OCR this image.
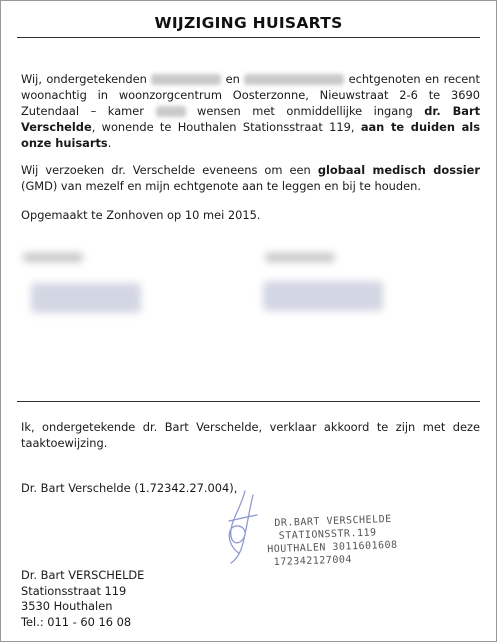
WIJZIGING HUISARTS
Wij, ondergetekenden	en	echtgenoten en recent woonachtig in woonzorgcentrum Oosterzonne, Nieuwstraat 2-6 te 3690 Zutendaal – kamer	wensen met onmiddellijke ingang dr. Bart Verschelde, wonende te Houthalen Stationsstraat 119, aan te duiden als onze huisarts.
Wij verzoeken dr. Verschelde eveneens om een globaal medisch dossier (GMD) van mezelf en mijn echtgenote aan te leggen en bij te houden.
Opgemaakt te Zonhoven op 10 mei 2015.
Ik, ondergetekende dr. Bart Verschelde, verklaar akkoord te zijn met deze taaktoewijzing.
Dr. Bart Verschelde (1.72342.27.004),
DR.BART VERSCHELDE
STATIONSSTR.119
HOUTHALEN 3011601608
172342127004
Dr. Bart VERSCHELDE
Stationsstraat 119
3530 Houthalen
Tel.: 011 - 60 16 08
